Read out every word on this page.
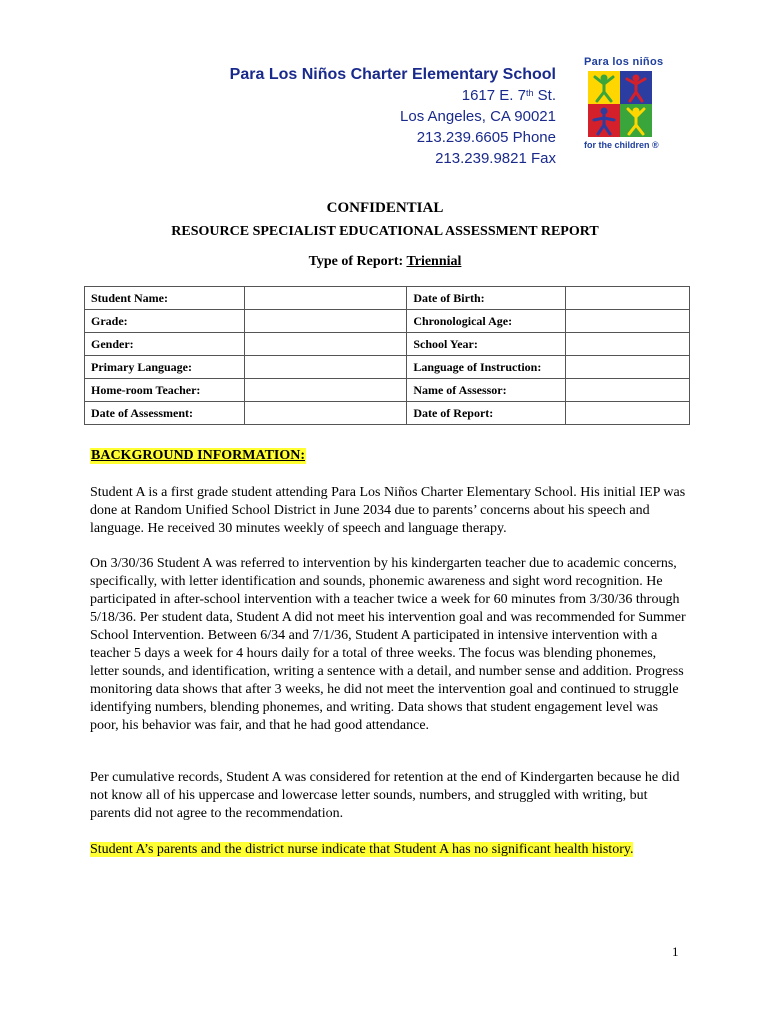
Para Los Niños Charter Elementary School
1617 E. 7th St.
Los Angeles, CA 90021
213.239.6605 Phone
213.239.9821 Fax
Para los niños
for the children ®
CONFIDENTIAL
RESOURCE SPECIALIST EDUCATIONAL ASSESSMENT REPORT
Type of Report: Triennial
Student Name:		Date of Birth:	
Grade:		Chronological Age:	
Gender:		School Year:	
Primary Language:		Language of Instruction:	
Home-room Teacher:		Name of Assessor:	
Date of Assessment:		Date of Report:	
BACKGROUND INFORMATION:
Student A is a first grade student attending Para Los Niños Charter Elementary School. His initial IEP was done at Random Unified School District in June 2034 due to parents’ concerns about his speech and language. He received 30 minutes weekly of speech and language therapy.
On 3/30/36 Student A was referred to intervention by his kindergarten teacher due to academic concerns, specifically, with letter identification and sounds, phonemic awareness and sight word recognition. He participated in after-school intervention with a teacher twice a week for 60 minutes from 3/30/36 through 5/18/36. Per student data, Student A did not meet his intervention goal and was recommended for Summer School Intervention. Between 6/34 and 7/1/36, Student A participated in intensive intervention with a teacher 5 days a week for 4 hours daily for a total of three weeks. The focus was blending phonemes, letter sounds, and identification, writing a sentence with a detail, and number sense and addition. Progress monitoring data shows that after 3 weeks, he did not meet the intervention goal and continued to struggle identifying numbers, blending phonemes, and writing. Data shows that student engagement level was poor, his behavior was fair, and that he had good attendance.
Per cumulative records, Student A was considered for retention at the end of Kindergarten because he did not know all of his uppercase and lowercase letter sounds, numbers, and struggled with writing, but parents did not agree to the recommendation.
Student A’s parents and the district nurse indicate that Student A has no significant health history.
1
